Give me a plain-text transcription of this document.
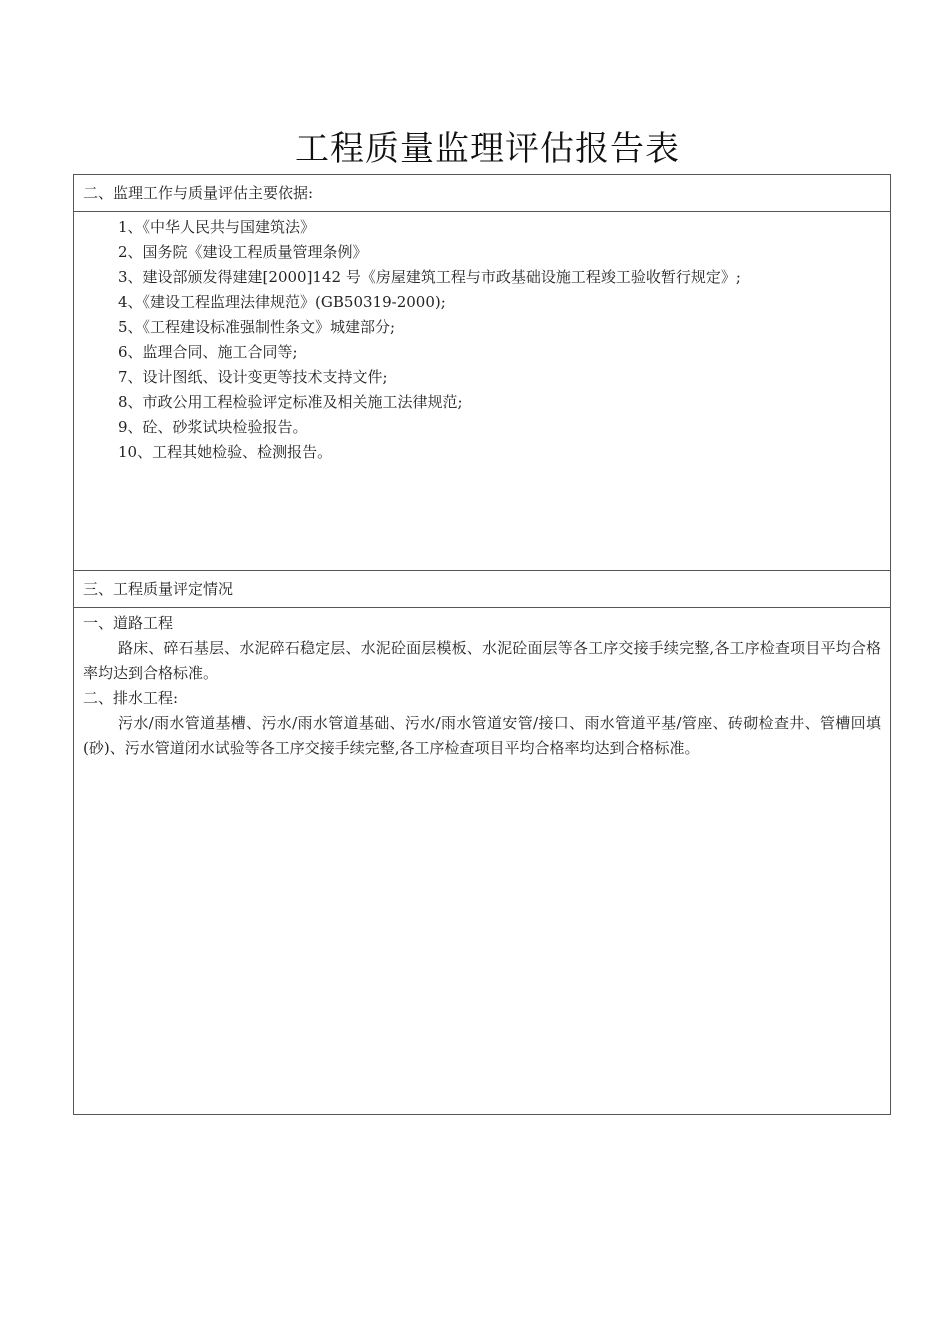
工程质量监理评估报告表
二、监理工作与质量评估主要依据:
1、《中华人民共与国建筑法》
2、国务院《建设工程质量管理条例》
3、建设部颁发得建建[2000]142 号《房屋建筑工程与市政基础设施工程竣工验收暂行规定》;
4、《建设工程监理法律规范》(GB50319-2000);
5、《工程建设标准强制性条文》城建部分;
6、监理合同、施工合同等;
7、设计图纸、设计变更等技术支持文件;
8、市政公用工程检验评定标准及相关施工法律规范;
9、砼、砂浆试块检验报告。
10、工程其她检验、检测报告。
三、工程质量评定情况

一、道路工程

路床、碎石基层、水泥碎石稳定层、水泥砼面层模板、水泥砼面层等各工序交接手续完整,各工序检查项目平均合格率均达到合格标准。

二、排水工程:

污水/雨水管道基槽、污水/雨水管道基础、污水/雨水管道安管/接口、雨水管道平基/管座、砖砌检查井、管槽回填(砂)、污水管道闭水试验等各工序交接手续完整,各工序检查项目平均合格率均达到合格标准。
